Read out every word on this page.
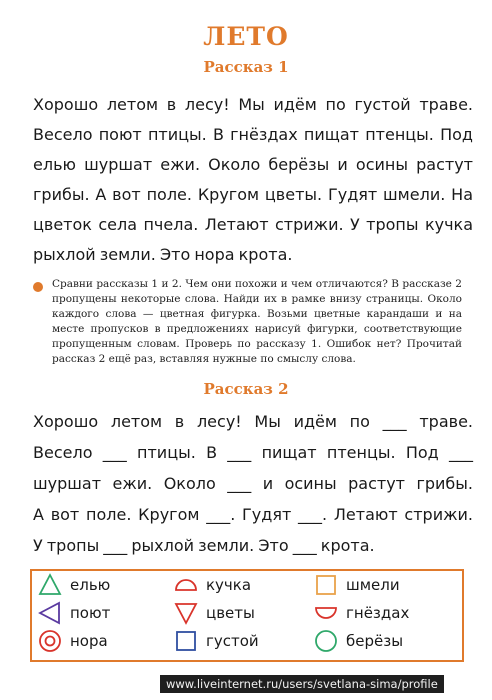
ЛЕТО
Рассказ 1
Хорошо летом в лесу! Мы идём по густой траве.
Весело поют птицы. В гнёздах пищат птенцы. Под
елью шуршат ежи. Около берёзы и осины растут
грибы. А вот поле. Кругом цветы. Гудят шмели. На
цветок села пчела. Летают стрижи. У тропы кучка
рыхлой земли. Это нора крота.
Сравни рассказы 1 и 2. Чем они похожи и чем отличаются? В рассказе 2 пропущены некоторые слова. Найди их в рамке внизу страницы. Около каждого слова — цветная фигурка. Возьми цветные карандаши и на месте пропусков в предложениях нарисуй фигурки, соответствующие пропущенным словам. Проверь по рассказу 1. Ошибок нет? Прочитай рассказ 2 ещё раз, вставляя нужные по смыслу слова.
Рассказ 2
Хорошо летом в лесу! Мы идём по ___ траве.
Весело ___ птицы. В ___ пищат птенцы. Под ___
шуршат ежи. Около ___ и осины растут грибы.
А вот поле. Кругом ___. Гудят ___. Летают стрижи.
У тропы ___ рыхлой земли. Это ___ крота.
елью	кучка	шмели
поют	цветы	гнёздах
нора	густой	берёзы
www.liveinternet.ru/users/svetlana-sima/profile
